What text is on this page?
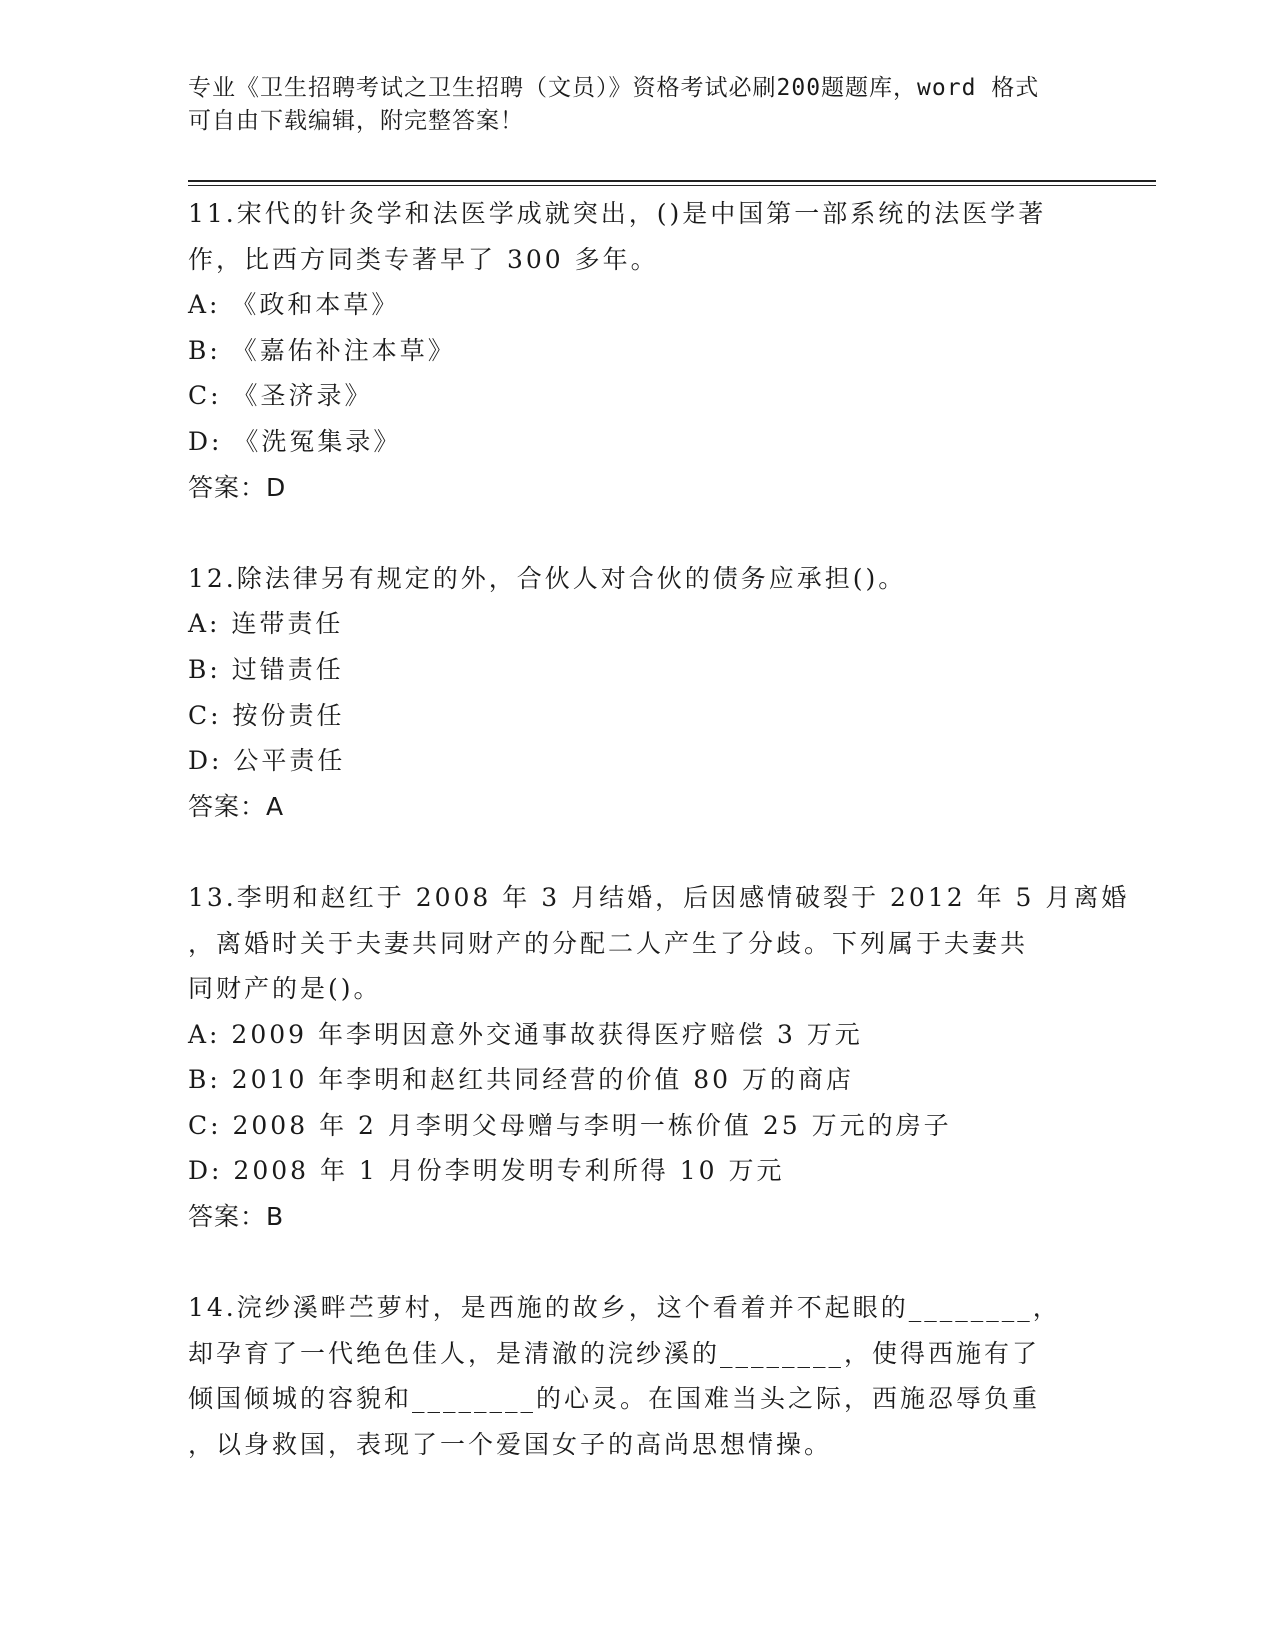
专业《卫生招聘考试之卫生招聘（文员）》资格考试必刷200题题库，word 格式
可自由下载编辑，附完整答案！
11.宋代的针灸学和法医学成就突出，()是中国第一部系统的法医学著
作，比西方同类专著早了 300 多年。
A: 《政和本草》
B: 《嘉佑补注本草》
C: 《圣济录》
D: 《洗冤集录》
答案：D
12.除法律另有规定的外，合伙人对合伙的债务应承担()。
A: 连带责任
B: 过错责任
C: 按份责任
D: 公平责任
答案：A
13.李明和赵红于 2008 年 3 月结婚，后因感情破裂于 2012 年 5 月离婚
，离婚时关于夫妻共同财产的分配二人产生了分歧。下列属于夫妻共
同财产的是()。
A: 2009 年李明因意外交通事故获得医疗赔偿 3 万元
B: 2010 年李明和赵红共同经营的价值 80 万的商店
C: 2008 年 2 月李明父母赠与李明一栋价值 25 万元的房子
D: 2008 年 1 月份李明发明专利所得 10 万元
答案：B
14.浣纱溪畔苎萝村，是西施的故乡，这个看着并不起眼的________，
却孕育了一代绝色佳人，是清澈的浣纱溪的________，使得西施有了
倾国倾城的容貌和________的心灵。在国难当头之际，西施忍辱负重
，以身救国，表现了一个爱国女子的高尚思想情操。
